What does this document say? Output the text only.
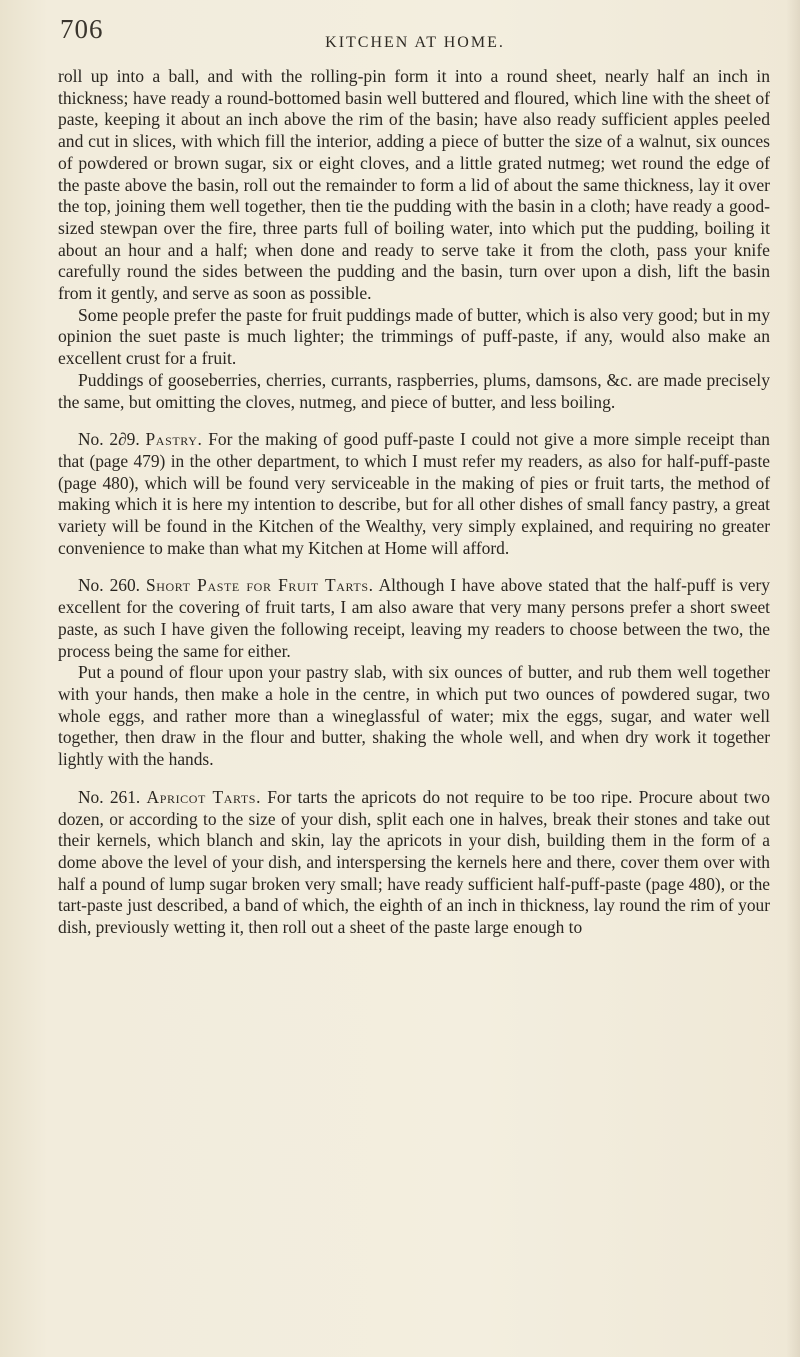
706	KITCHEN AT HOME.

roll up into a ball, and with the rolling-pin form it into a round sheet, nearly half an inch in thickness; have ready a round-bottomed basin well buttered and floured, which line with the sheet of paste, keeping it about an inch above the rim of the basin; have also ready sufficient apples peeled and cut in slices, with which fill the interior, adding a piece of butter the size of a walnut, six ounces of powdered or brown sugar, six or eight cloves, and a little grated nutmeg; wet round the edge of the paste above the basin, roll out the remainder to form a lid of about the same thickness, lay it over the top, joining them well together, then tie the pudding with the basin in a cloth; have ready a good-sized stewpan over the fire, three parts full of boiling water, into which put the pudding, boiling it about an hour and a half; when done and ready to serve take it from the cloth, pass your knife carefully round the sides between the pudding and the basin, turn over upon a dish, lift the basin from it gently, and serve as soon as possible.

Some people prefer the paste for fruit puddings made of butter, which is also very good; but in my opinion the suet paste is much lighter; the trimmings of puff-paste, if any, would also make an excellent crust for a fruit.

Puddings of gooseberries, cherries, currants, raspberries, plums, damsons, &c. are made precisely the same, but omitting the cloves, nutmeg, and piece of butter, and less boiling.

No. 2∂9. Pastry. For the making of good puff-paste I could not give a more simple receipt than that (page 479) in the other department, to which I must refer my readers, as also for half-puff-paste (page 480), which will be found very serviceable in the making of pies or fruit tarts, the method of making which it is here my intention to describe, but for all other dishes of small fancy pastry, a great variety will be found in the Kitchen of the Wealthy, very simply explained, and requiring no greater convenience to make than what my Kitchen at Home will afford.

No. 260. Short Paste for Fruit Tarts. Although I have above stated that the half-puff is very excellent for the covering of fruit tarts, I am also aware that very many persons prefer a short sweet paste, as such I have given the following receipt, leaving my readers to choose between the two, the process being the same for either.

Put a pound of flour upon your pastry slab, with six ounces of butter, and rub them well together with your hands, then make a hole in the centre, in which put two ounces of powdered sugar, two whole eggs, and rather more than a wineglassful of water; mix the eggs, sugar, and water well together, then draw in the flour and butter, shaking the whole well, and when dry work it together lightly with the hands.

No. 261. Apricot Tarts. For tarts the apricots do not require to be too ripe. Procure about two dozen, or according to the size of your dish, split each one in halves, break their stones and take out their kernels, which blanch and skin, lay the apricots in your dish, building them in the form of a dome above the level of your dish, and interspersing the kernels here and there, cover them over with half a pound of lump sugar broken very small; have ready sufficient half-puff-paste (page 480), or the tart-paste just described, a band of which, the eighth of an inch in thickness, lay round the rim of your dish, previously wetting it, then roll out a sheet of the paste large enough to
